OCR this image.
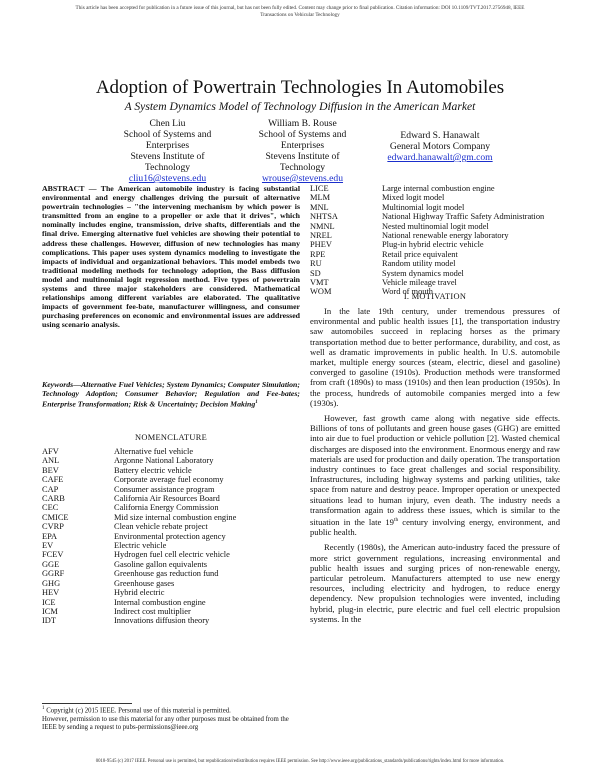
This article has been accepted for publication in a future issue of this journal, but has not been fully edited. Content may change prior to final publication. Citation information: DOI 10.1109/TVT.2017.2756948, IEEE
Transactions on Vehicular Technology
Adoption of Powertrain Technologies In Automobiles
A System Dynamics Model of Technology Diffusion in the American Market
Chen Liu
School of Systems and Enterprises
Stevens Institute of Technology
cliu16@stevens.edu
William B. Rouse
School of Systems and Enterprises
Stevens Institute of Technology
wrouse@stevens.edu
Edward S. Hanawalt
General Motors Company
edward.hanawalt@gm.com
ABSTRACT — The American automobile industry is facing substantial environmental and energy challenges driving the pursuit of alternative powertrain technologies – "the intervening mechanism by which power is transmitted from an engine to a propeller or axle that it drives", which nominally includes engine, transmission, drive shafts, differentials and the final drive. Emerging alternative fuel vehicles are showing their potential to address these challenges. However, diffusion of new technologies has many complications. This paper uses system dynamics modeling to investigate the impacts of individual and organizational behaviors. This model embeds two traditional modeling methods for technology adoption, the Bass diffusion model and multinomial logit regression method. Five types of powertrain systems and three major stakeholders are considered. Mathematical relationships among different variables are elaborated. The qualitative impacts of government fee-bate, manufacturer willingness, and consumer purchasing preferences on economic and environmental issues are addressed using scenario analysis.
Keywords—Alternative Fuel Vehicles; System Dynamics; Computer Simulation; Technology Adoption; Consumer Behavior; Regulation and Fee-bates; Enterprise Transformation; Risk & Uncertainty; Decision Making$^1$
NOMENCLATURE
AFV	Alternative fuel vehicle
ANL	Argonne National Laboratory
BEV	Battery electric vehicle
CAFE	Corporate average fuel economy
CAP	Consumer assistance program
CARB	California Air Resources Board
CEC	California Energy Commission
CMICE	Mid size internal combustion engine
CVRP	Clean vehicle rebate project
EPA	Environmental protection agency
EV	Electric vehicle
FCEV	Hydrogen fuel cell electric vehicle
GGE	Gasoline gallon equivalents
GGRF	Greenhouse gas reduction fund
GHG	Greenhouse gases
HEV	Hybrid electric
ICE	Internal combustion engine
ICM	Indirect cost multiplier
IDT	Innovations diffusion theory
LICE	Large internal combustion engine
MLM	Mixed logit model
MNL	Multinomial logit model
NHTSA	National Highway Traffic Safety Administration
NMNL	Nested multinomial logit model
NREL	National renewable energy laboratory
PHEV	Plug-in hybrid electric vehicle
RPE	Retail price equivalent
RU	Random utility model
SD	System dynamics model
VMT	Vehicle mileage travel
WOM	Word of mouth
I. MOTIVATION

In the late 19th century, under tremendous pressures of environmental and public health issues [1], the transportation industry saw automobiles succeed in replacing horses as the primary transportation method due to better performance, durability, and cost, as well as dramatic improvements in public health. In U.S. automobile market, multiple energy sources (steam, electric, diesel and gasoline) converged to gasoline (1910s). Production methods were transformed from craft (1890s) to mass (1910s) and then lean production (1950s). In the process, hundreds of automobile companies merged into a few (1930s).

However, fast growth came along with negative side effects. Billions of tons of pollutants and green house gases (GHG) are emitted into air due to fuel production or vehicle pollution [2]. Wasted chemical discharges are disposed into the environment. Enormous energy and raw materials are used for production and daily operation. The transportation industry continues to face great challenges and social responsibility. Infrastructures, including highway systems and parking utilities, take space from nature and destroy peace. Improper operation or unexpected situations lead to human injury, even death. The industry needs a transformation again to address these issues, which is similar to the situation in the late 19th century involving energy, environment, and public health.

Recently (1980s), the American auto-industry faced the pressure of more strict government regulations, increasing environmental and public health issues and surging prices of non-renewable energy, particular petroleum. Manufacturers attempted to use new energy resources, including electricity and hydrogen, to reduce energy dependency. New propulsion technologies were invented, including hybrid, plug-in electric, pure electric and fuel cell electric propulsion systems. In the

$^1$ Copyright (c) 2015 IEEE. Personal use of this material is permitted.
However, permission to use this material for any other purposes must be obtained from the IEEE by sending a request to pubs-permissions@ieee.org
0018-9545 (c) 2017 IEEE. Personal use is permitted, but republication/redistribution requires IEEE permission. See http://www.ieee.org/publications_standards/publications/rights/index.html for more information.
